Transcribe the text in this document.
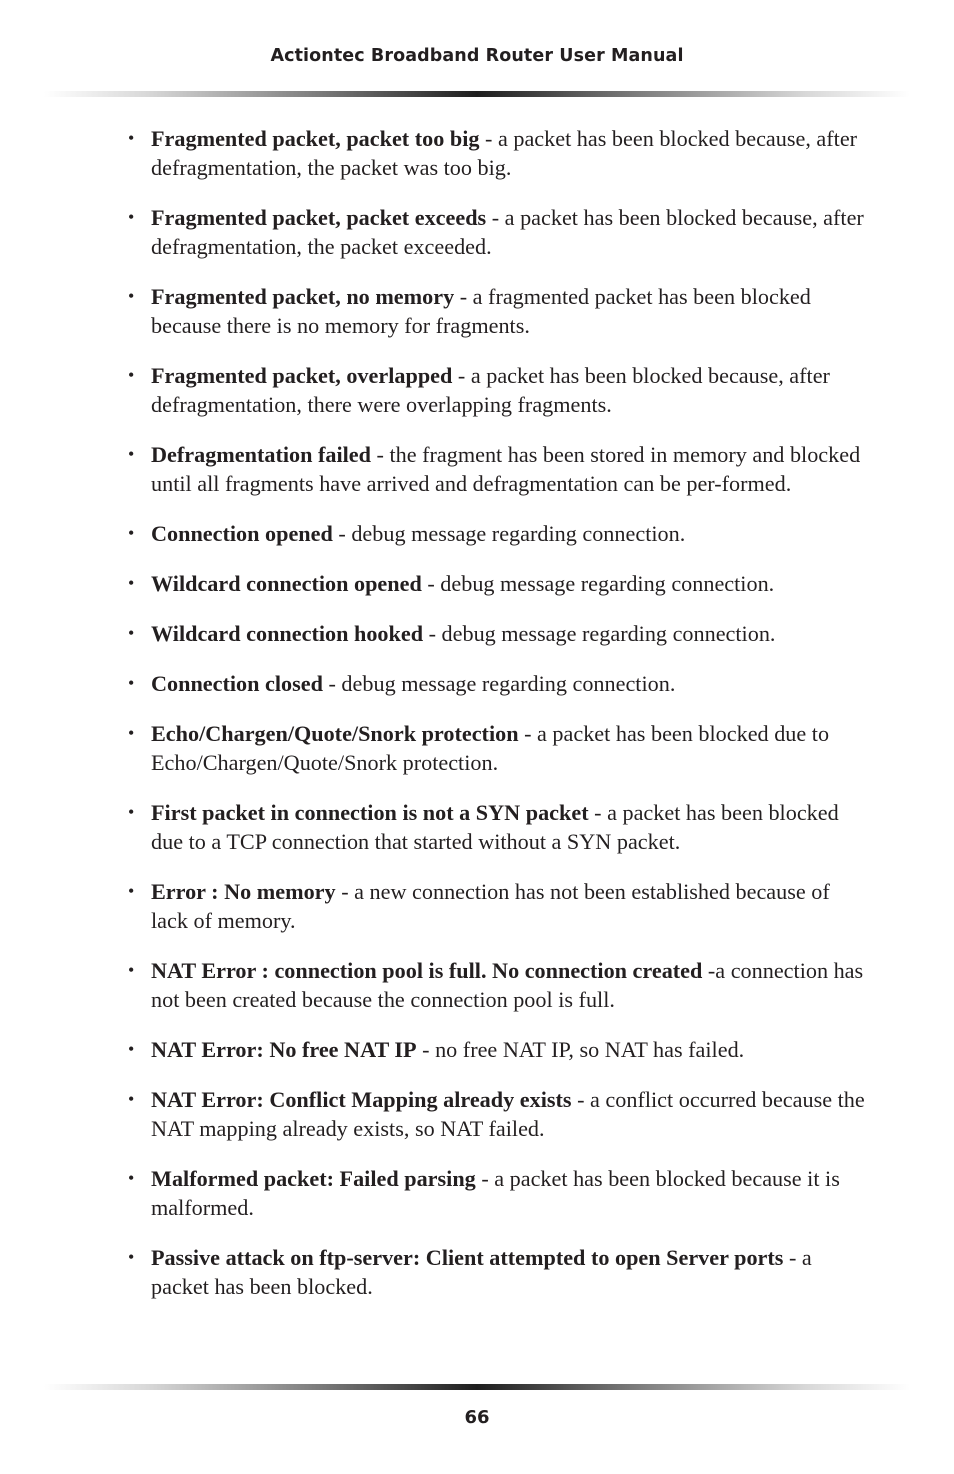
Actiontec Broadband Router User Manual
• Fragmented packet, packet too big - a packet has been blocked because, after defragmentation, the packet was too big.
• Fragmented packet, packet exceeds - a packet has been blocked because, after defragmentation, the packet exceeded.
• Fragmented packet, no memory - a fragmented packet has been blocked because there is no memory for fragments.
• Fragmented packet, overlapped - a packet has been blocked because, after defragmentation, there were overlapping fragments.
• Defragmentation failed - the fragment has been stored in memory and blocked until all fragments have arrived and defragmentation can be per-formed.
• Connection opened - debug message regarding connection.
• Wildcard connection opened - debug message regarding connection.
• Wildcard connection hooked - debug message regarding connection.
• Connection closed - debug message regarding connection.
• Echo/Chargen/Quote/Snork protection - a packet has been blocked due to Echo/Chargen/Quote/Snork protection.
• First packet in connection is not a SYN packet - a packet has been blocked due to a TCP connection that started without a SYN packet.
• Error : No memory - a new connection has not been established because of lack of memory.
• NAT Error : connection pool is full. No connection created -a connection has not been created because the connection pool is full.
• NAT Error: No free NAT IP - no free NAT IP, so NAT has failed.
• NAT Error: Conflict Mapping already exists - a conflict occurred because the NAT mapping already exists, so NAT failed.
• Malformed packet: Failed parsing - a packet has been blocked because it is malformed.
• Passive attack on ftp-server: Client attempted to open Server ports - a packet has been blocked.
66
